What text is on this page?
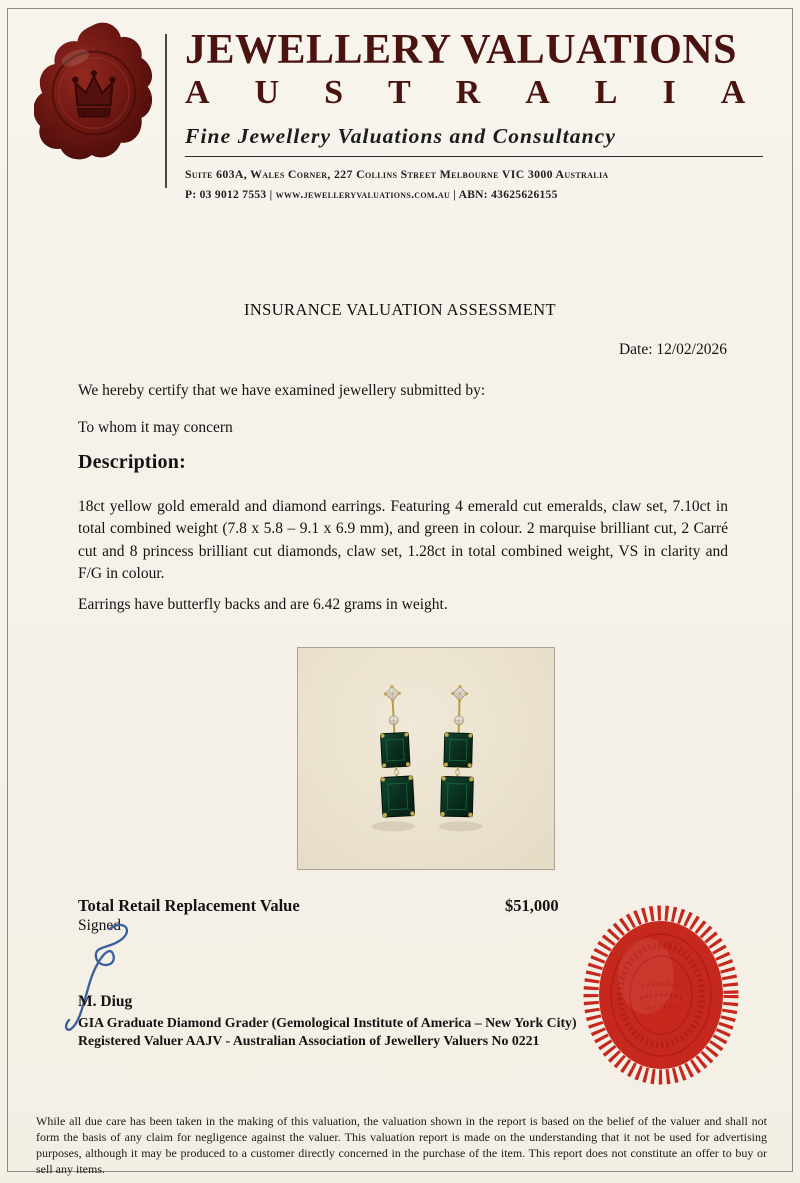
JEWELLERY VALUATIONS
AUSTRALIA
Fine Jewellery Valuations and Consultancy
Suite 603A, Wales Corner, 227 Collins Street Melbourne VIC 3000 Australia
P: 03 9012 7553 | www.jewelleryvaluations.com.au | ABN: 43625626155
INSURANCE VALUATION ASSESSMENT
Date: 12/02/2026

We hereby certify that we have examined jewellery submitted by:

To whom it may concern

Description:

18ct yellow gold emerald and diamond earrings. Featuring 4 emerald cut emeralds, claw set, 7.10ct in total combined weight (7.8 x 5.8 – 9.1 x 6.9 mm), and green in colour. 2 marquise brilliant cut, 2 Carré cut and 8 princess brilliant cut diamonds, claw set, 1.28ct in total combined weight, VS in clarity and F/G in colour.

Earrings have butterfly backs and are 6.42 grams in weight.

Total Retail Replacement Value	$51,000
Signed
M. Diug
GIA Graduate Diamond Grader (Gemological Institute of America – New York City)
Registered Valuer AAJV - Australian Association of Jewellery Valuers No 0221

While all due care has been taken in the making of this valuation, the valuation shown in the report is based on the belief of the valuer and shall not form the basis of any claim for negligence against the valuer. This valuation report is made on the understanding that it not be used for advertising purposes, although it may be produced to a customer directly concerned in the purchase of the item. This report does not constitute an offer to buy or sell any items.
